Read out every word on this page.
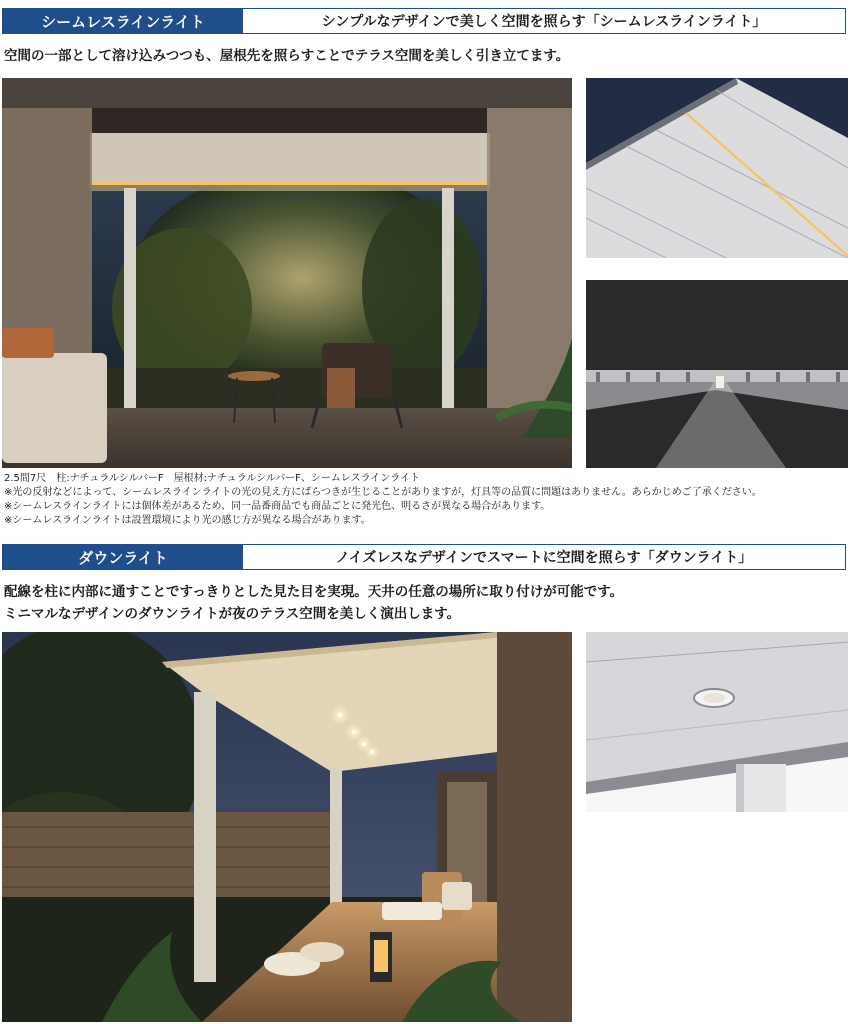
シームレスラインライト	シンプルなデザインで美しく空間を照らす「シームレスラインライト」
空間の一部として溶け込みつつも、屋根先を照らすことでテラス空間を美しく引き立てます。
2.5間7尺　柱:ナチュラルシルバーF　屋根材:ナチュラルシルバーF、シームレスラインライト
※光の反射などによって、シームレスラインライトの光の見え方にばらつきが生じることがありますが，灯具等の品質に問題はありません。あらかじめご了承ください。
※シームレスラインライトには個体差があるため、同一品番商品でも商品ごとに発光色、明るさが異なる場合があります。
※シームレスラインライトは設置環境により光の感じ方が異なる場合があります。
ダウンライト	ノイズレスなデザインでスマートに空間を照らす「ダウンライト」
配線を柱に内部に通すことですっきりとした見た目を実現。天井の任意の場所に取り付けが可能です。
ミニマルなデザインのダウンライトが夜のテラス空間を美しく演出します。
